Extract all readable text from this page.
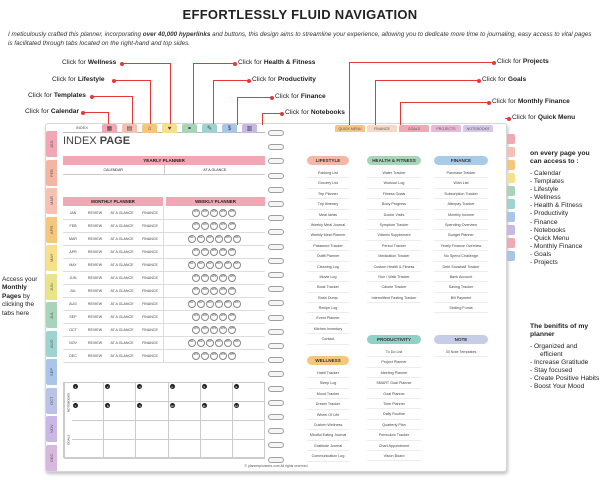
EFFORTLESSLY FLUID NAVIGATION
I meticulously crafted this planner, incorporating over 40,000 hyperlinks and buttons, this design aims to streamline your experience, allowing you to dedicate more time to journaling, easy access to vital pages is facilitated through tabs located on the right-hand and top sides.
Access your Monthly Pages by clicking the tabs here
on every page you can access to :
- Calendar
- Templates
- Lifestyle
- Wellness
- Health & Fitness
- Productivity
- Finance
- Notebooks
- Quick Menu
- Monthly Finance
- Goals
- Projects
The benifits of my planner
- Organized and efficient
- Increase Gratitude
- Stay focused
- Create Positive Habits
- Boost Your Mood
INDEX PAGE
YEARLY PLANNER
CALENDAR	AT A GLANCE
MONTHLY PLANNER	WEEKLY PLANNER
JAN	REVIEW	AT A GLANCE	FINANCE	W1	W2	W3	W4	W5
FEB	REVIEW	AT A GLANCE	FINANCE	W1	W2	W3	W4	W5
MAR	REVIEW	AT A GLANCE	FINANCE	W1	W2	W3	W4	W5	W6
APR	REVIEW	AT A GLANCE	FINANCE	W1	W2	W3	W4	W5
MAY	REVIEW	AT A GLANCE	FINANCE	W1	W2	W3	W4	W5	W6
JUN	REVIEW	AT A GLANCE	FINANCE	W1	W2	W3	W4	W5
JUL	REVIEW	AT A GLANCE	FINANCE	W1	W2	W3	W4	W5
AUG	REVIEW	AT A GLANCE	FINANCE	W1	W2	W3	W4	W5	W6
SEP	REVIEW	AT A GLANCE	FINANCE	W1	W2	W3	W4	W5
OCT	REVIEW	AT A GLANCE	FINANCE	W1	W2	W3	W4	W5
NOV	REVIEW	AT A GLANCE	FINANCE	W1	W2	W3	W4	W5	W6
DEC	REVIEW	AT A GLANCE	FINANCE	W1	W2	W3	W4	W5
NOTEBOOKS
GOALS
1	2	3	4	5	6
7	8	9	10	11	12
LIFESTYLE
Packing List
Grocery List
Trip Planner
Trip Itinerary
Meal Ideas
Weekly Meal Journal
Weekly Meal Planner
Password Tracker
Outfit Planner
Cleaning Log
Movie Log
Book Tracker
Brain Dump
Recipe Log
Event Planner
Kitchen Inventory
Contact
HEALTH & FITNESS
Water Tracker
Workout Log
Fitness Goals
Body Progress
Doctor Visits
Symptom Tracker
Vitamin Supplement
Period Tracker
Medication Tracker
Custom Health & Fitness
Run / Walk Tracker
Calorie Tracker
Intermittent Fasting Tracker
FINANCE
Purchase Tracker
Wish List
Subscription Tracker
Afterpay Tracker
Monthly Income
Spending Overview
Budget Planner
Yearly Finance Overview
No Spend Challenge
Debt Snowball Tracker
Bank Account
Saving Tracker
Bill Payment
Sinking Funds
WELLNESS
Habit Tracker
Sleep Log
Mood Tracker
Dream Tracker
Wheel Of Life
Custom Wellness
Mindful Eating Journal
Gratitude Journal
Communication Log
PRODUCTIVITY
To Do List
Project Planner
Meeting Planner
SMART Goal Planner
Goal Planner
Time Planner
Daily Routine
Quarterly Plan
Pomodoro Tracker
Chart Appointment
Vision Board
NOTE
30 Note Templates
© plannerpioneers.com All rights reserved
INDEX
Click for Calendar
Click for Templates
Click for Lifestyle
Click for Wellness	Click for Health & Fitness
Click for Productivity
Click for Finance
Click for Notebooks
Click for Projects
Click for Goals
Click for Monthly Finance
Click for Quick Menu
▦ ▤	⌂	♥	⚭ ✎	$	▥	QUICK MENU	FINANCE	GOALS	PROJECTS	NOTEBOOKS
JAN
FEB
MAR
APR
MAY
JUN
JUL
AUG
SEP
OCT
NOV
DEC
